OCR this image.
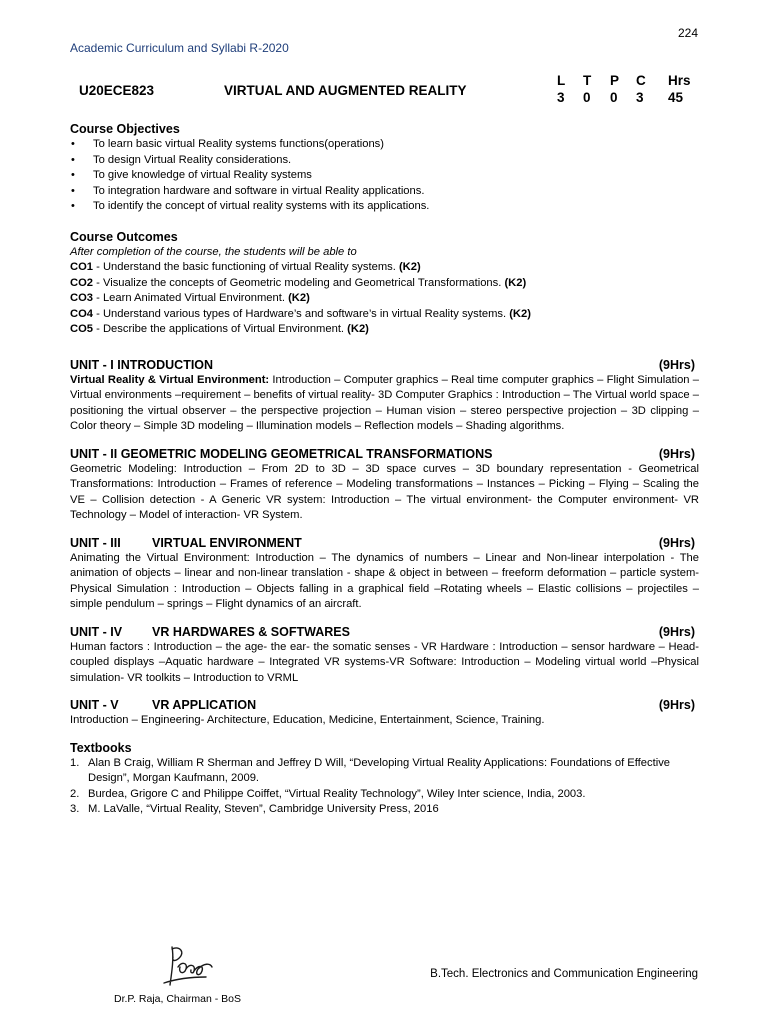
224
Academic Curriculum and Syllabi R-2020
U20ECE823	VIRTUAL AND AUGMENTED REALITY
L T P C Hrs
3 0 0 3 45
Course Objectives
• To learn basic virtual Reality systems functions(operations)
• To design Virtual Reality considerations.
• To give knowledge of virtual Reality systems
• To integration hardware and software in virtual Reality applications.
• To identify the concept of virtual reality systems with its applications.
Course Outcomes
After completion of the course, the students will be able to
CO1 - Understand the basic functioning of virtual Reality systems. (K2)
CO2 - Visualize the concepts of Geometric modeling and Geometrical Transformations. (K2)
CO3 - Learn Animated Virtual Environment. (K2)
CO4 - Understand various types of Hardware’s and software’s in virtual Reality systems. (K2)
CO5 - Describe the applications of Virtual Environment. (K2)
UNIT - I INTRODUCTION	(9Hrs)
Virtual Reality & Virtual Environment: Introduction – Computer graphics – Real time computer graphics – Flight Simulation – Virtual environments –requirement – benefits of virtual reality- 3D Computer Graphics : Introduction – The Virtual world space – positioning the virtual observer – the perspective projection – Human vision – stereo perspective projection – 3D clipping – Color theory – Simple 3D modeling – Illumination models – Reflection models – Shading algorithms.
UNIT - II GEOMETRIC MODELING GEOMETRICAL TRANSFORMATIONS	(9Hrs)
Geometric Modeling: Introduction – From 2D to 3D – 3D space curves – 3D boundary representation - Geometrical Transformations: Introduction – Frames of reference – Modeling transformations – Instances – Picking – Flying – Scaling the VE – Collision detection - A Generic VR system: Introduction – The virtual environment- the Computer environment- VR Technology – Model of interaction- VR System.
UNIT - III	VIRTUAL ENVIRONMENT	(9Hrs)
Animating the Virtual Environment: Introduction – The dynamics of numbers – Linear and Non-linear interpolation - The animation of objects – linear and non-linear translation - shape & object in between – freeform deformation – particle system- Physical Simulation : Introduction – Objects falling in a graphical field –Rotating wheels – Elastic collisions – projectiles – simple pendulum – springs – Flight dynamics of an aircraft.
UNIT - IV VR HARDWARES & SOFTWARES	(9Hrs)
Human factors : Introduction – the age- the ear- the somatic senses - VR Hardware : Introduction – sensor hardware – Head-coupled displays –Aquatic hardware – Integrated VR systems-VR Software: Introduction – Modeling virtual world –Physical simulation- VR toolkits – Introduction to VRML
UNIT - V	VR APPLICATION	(9Hrs)
Introduction – Engineering- Architecture, Education, Medicine, Entertainment, Science, Training.
Textbooks
1. Alan B Craig, William R Sherman and Jeffrey D Will, “Developing Virtual Reality Applications: Foundations of Effective Design”, Morgan Kaufmann, 2009.
2. Burdea, Grigore C and Philippe Coiffet, “Virtual Reality Technology”, Wiley Inter science, India, 2003.
3. M. LaValle, “Virtual Reality, Steven”, Cambridge University Press, 2016
Dr.P. Raja, Chairman - BoS
B.Tech. Electronics and Communication Engineering
